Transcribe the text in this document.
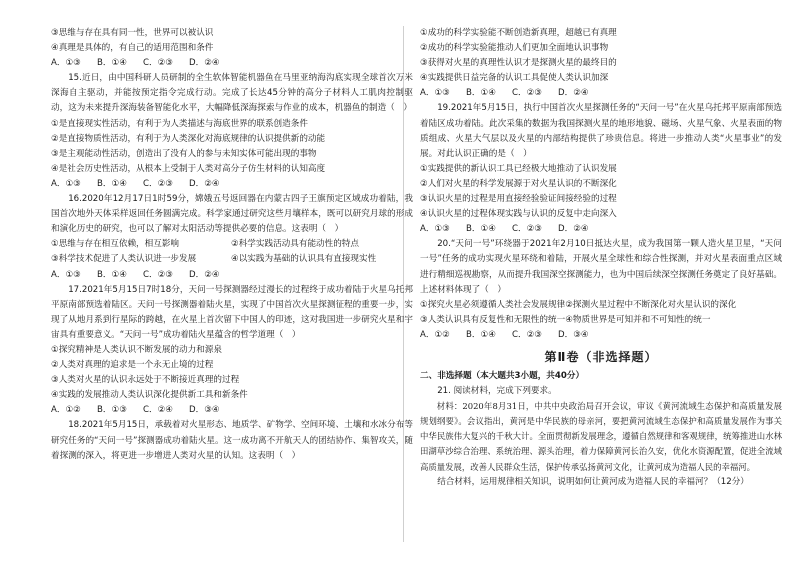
③思维与存在具有同一性，世界可以被认识
④真理是具体的，有自己的适用范围和条件
A．①③	B．①④	C．②③	D．②④

15.近日，由中国科研人员研制的全生软体智能机器鱼在马里亚纳海沟底实现全球首次万米深海自主驱动，并能按预定指令完成行动。完成了长达45分钟的高分子材料人工肌肉控制驱动，这为未来提升深海装备智能化水平，大幅降低深海探索与作业的成本，机器鱼的制造（　）

①是直接现实性活动，有利于为人类描述与海底世界的联系创造条件
②是直接物质性活动，有利于为人类深化对海底规律的认识提供新的动能
③是主观能动性活动，创造出了没有人的参与未知实体可能出现的事物
④是社会历史性活动，从根本上受制于人类对高分子仿生材料的认知高度
A．①③	B．①④	C．②③	D．②④

16.2020年12月17日1时59分，嫦娥五号返回器在内蒙古四子王旗预定区域成功着陆，我国首次地外天体采样返回任务圆满完成。科学家通过研究这些月壤样本，既可以研究月球的形成和演化历史的研究，也可以了解对太阳活动等提供必要的信息。这表明（　）

①思维与存在相互依赖，相互影响	②科学实践活动具有能动性的特点
③科学技术促进了人类认识进一步发展	④以实践为基础的认识具有直接现实性
A．①③	B．①④	C．②③	D．②④

17.2021年5月15日7时18分，天问一号探测器经过漫长的过程终于成功着陆于火星乌托邦平原南部预选着陆区。天问一号探测器着陆火星，实现了中国首次火星探测征程的重要一步，实现了从地月系到行星际的跨越，在火星上首次留下中国人的印迹，这对我国进一步研究火星和宇宙具有重要意义。“天问一号”成功着陆火星蕴含的哲学道理（　）

①探究精神是人类认识不断发展的动力和源泉
②人类对真理的追求是一个永无止境的过程
③人类对火星的认识永远处于不断接近真理的过程
④实践的发展推动人类认识深化提供新工具和新条件
A．①②	B．①③	C．②④	D．③④

18.2021年5月15日，承载着对火星形态、地质学、矿物学、空间环境、土壤和水冰分布等研究任务的“天问一号”探测器成功着陆火星。这一成功离不开航天人的团结协作、集智攻关，随着探测的深入，将更进一步增进人类对火星的认知。这表明（　）

①成功的科学实验能不断创造新真理，超越已有真理
②成功的科学实验能推动人们更加全面地认识事物
③获得对火星的真理性认识才是探测火星的最终目的
④实践提供日益完备的认识工具促使人类认识加深
A．①③	B．①④	C．②③	D．②④

19.2021年5月15日，执行中国首次火星探测任务的“天问一号”在火星乌托邦平原南部预选着陆区成功着陆。此次采集的数据为我国探测火星的地形地貌、磁场、火星气象、火星表面的物质组成、火星大气层以及火星的内部结构提供了珍贵信息。将进一步推动人类“火星事业”的发展。对此认识正确的是（　）

①实践提供的新认识工具已经极大地推动了认识发展
②人们对火星的科学发展源于对火星认识的不断深化
③认识火星的过程是用直接经验验证间接经验的过程
④认识火星的过程体现实践与认识的反复中走向深入
A．①③	B．①④	C．②③	D．②④

20.“天问一号”环绕器于2021年2月10日抵达火星，成为我国第一颗人造火星卫星，“天问一号”任务的成功实现火星环绕和着陆，开展火星全球性和综合性探测，并对火星表面重点区域进行精细巡视勘察，从而提升我国深空探测能力，也为中国后续深空探测任务奠定了良好基础。上述材料体现了（　）

①探究火星必须遵循人类社会发展规律②探测火星过程中不断深化对火星认识的深化
③人类认识具有反复性和无限性的统一④物质世界是可知并和不可知性的统一
A．①②	B．①④	C．②③	D．③④
第Ⅱ卷（非选择题）
二、非选择题（本大题共3小题，共40分）
21. 阅读材料，完成下列要求。

材料：2020年8月31日，中共中央政治局召开会议，审议《黄河流域生态保护和高质量发展规划纲要》。会议指出，黄河是中华民族的母亲河，要把黄河流域生态保护和高质量发展作为事关中华民族伟大复兴的千秋大计。全面贯彻新发展理念，遵循自然规律和客观规律，统筹推进山水林田湖草沙综合治理、系统治理、源头治理，着力保障黄河长治久安，优化水资源配置，促进全流域高质量发展，改善人民群众生活，保护传承弘扬黄河文化，让黄河成为造福人民的幸福河。

结合材料，运用规律相关知识，说明如何让黄河成为造福人民的幸福河？（12分）
